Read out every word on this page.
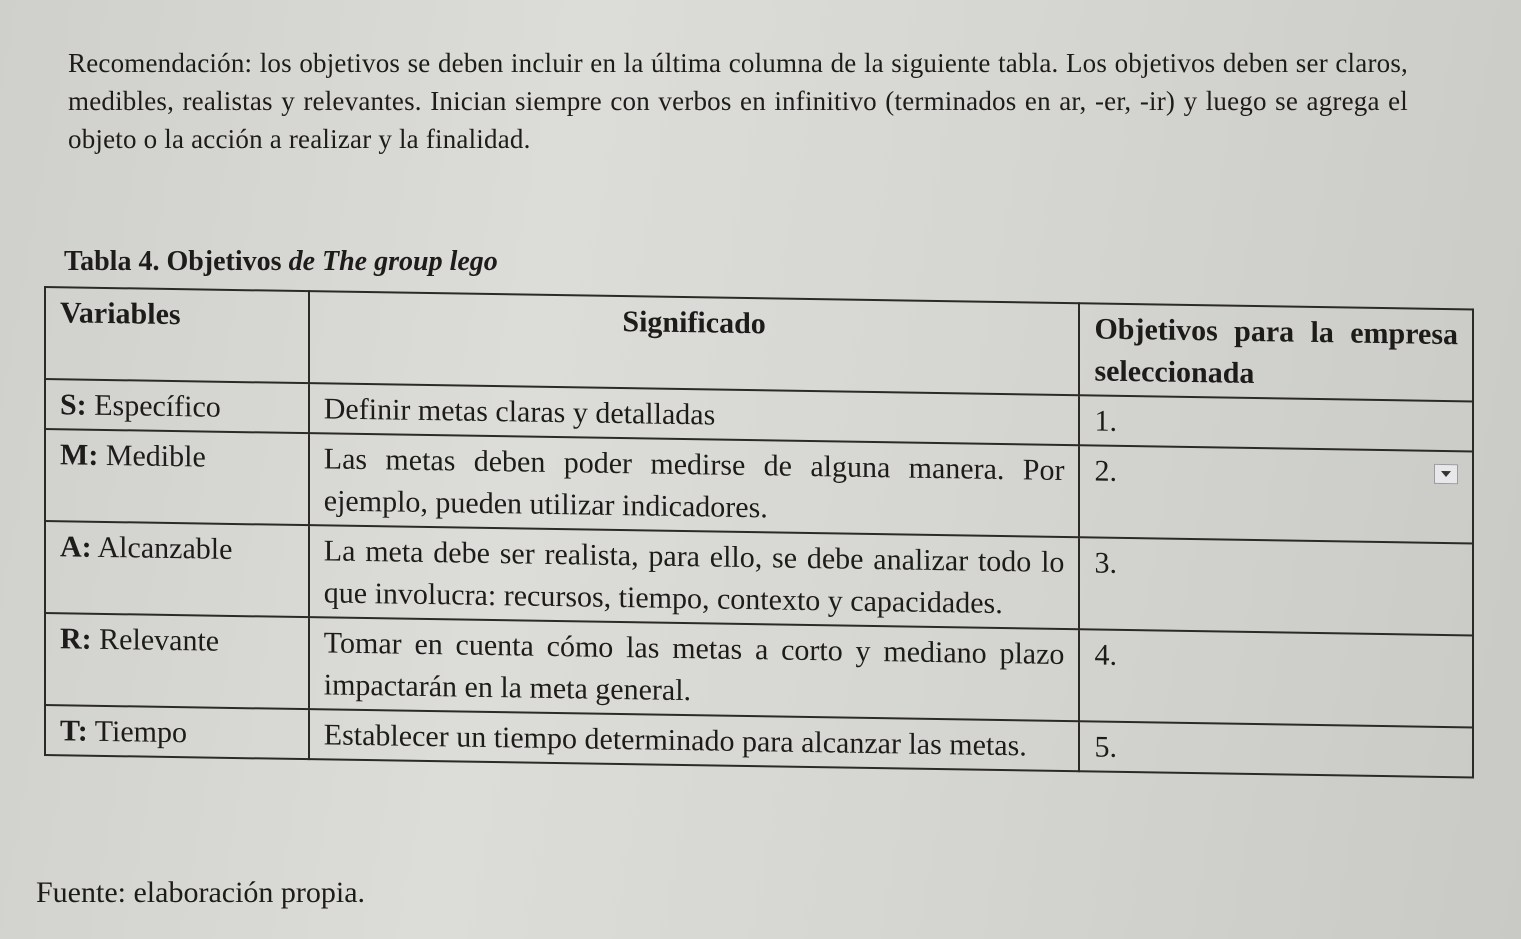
Recomendación: los objetivos se deben incluir en la última columna de la siguiente tabla. Los objetivos deben ser claros, medibles, realistas y relevantes. Inician siempre con verbos en infinitivo (terminados en ar, -er, -ir) y luego se agrega el objeto o la acción a realizar y la finalidad.
Tabla 4. Objetivos de The group lego
Variables	Significado	Objetivos para la empresa seleccionada
S: Específico	Definir metas claras y detalladas	1.
M: Medible	Las metas deben poder medirse de alguna manera. Por ejemplo, pueden utilizar indicadores.	2.

A: Alcanzable	La meta debe ser realista, para ello, se debe analizar todo lo que involucra: recursos, tiempo, contexto y capacidades.	3.
R: Relevante	Tomar en cuenta cómo las metas a corto y mediano plazo impactarán en la meta general.	4.
T: Tiempo	Establecer un tiempo determinado para alcanzar las metas.	5.
Fuente: elaboración propia.
